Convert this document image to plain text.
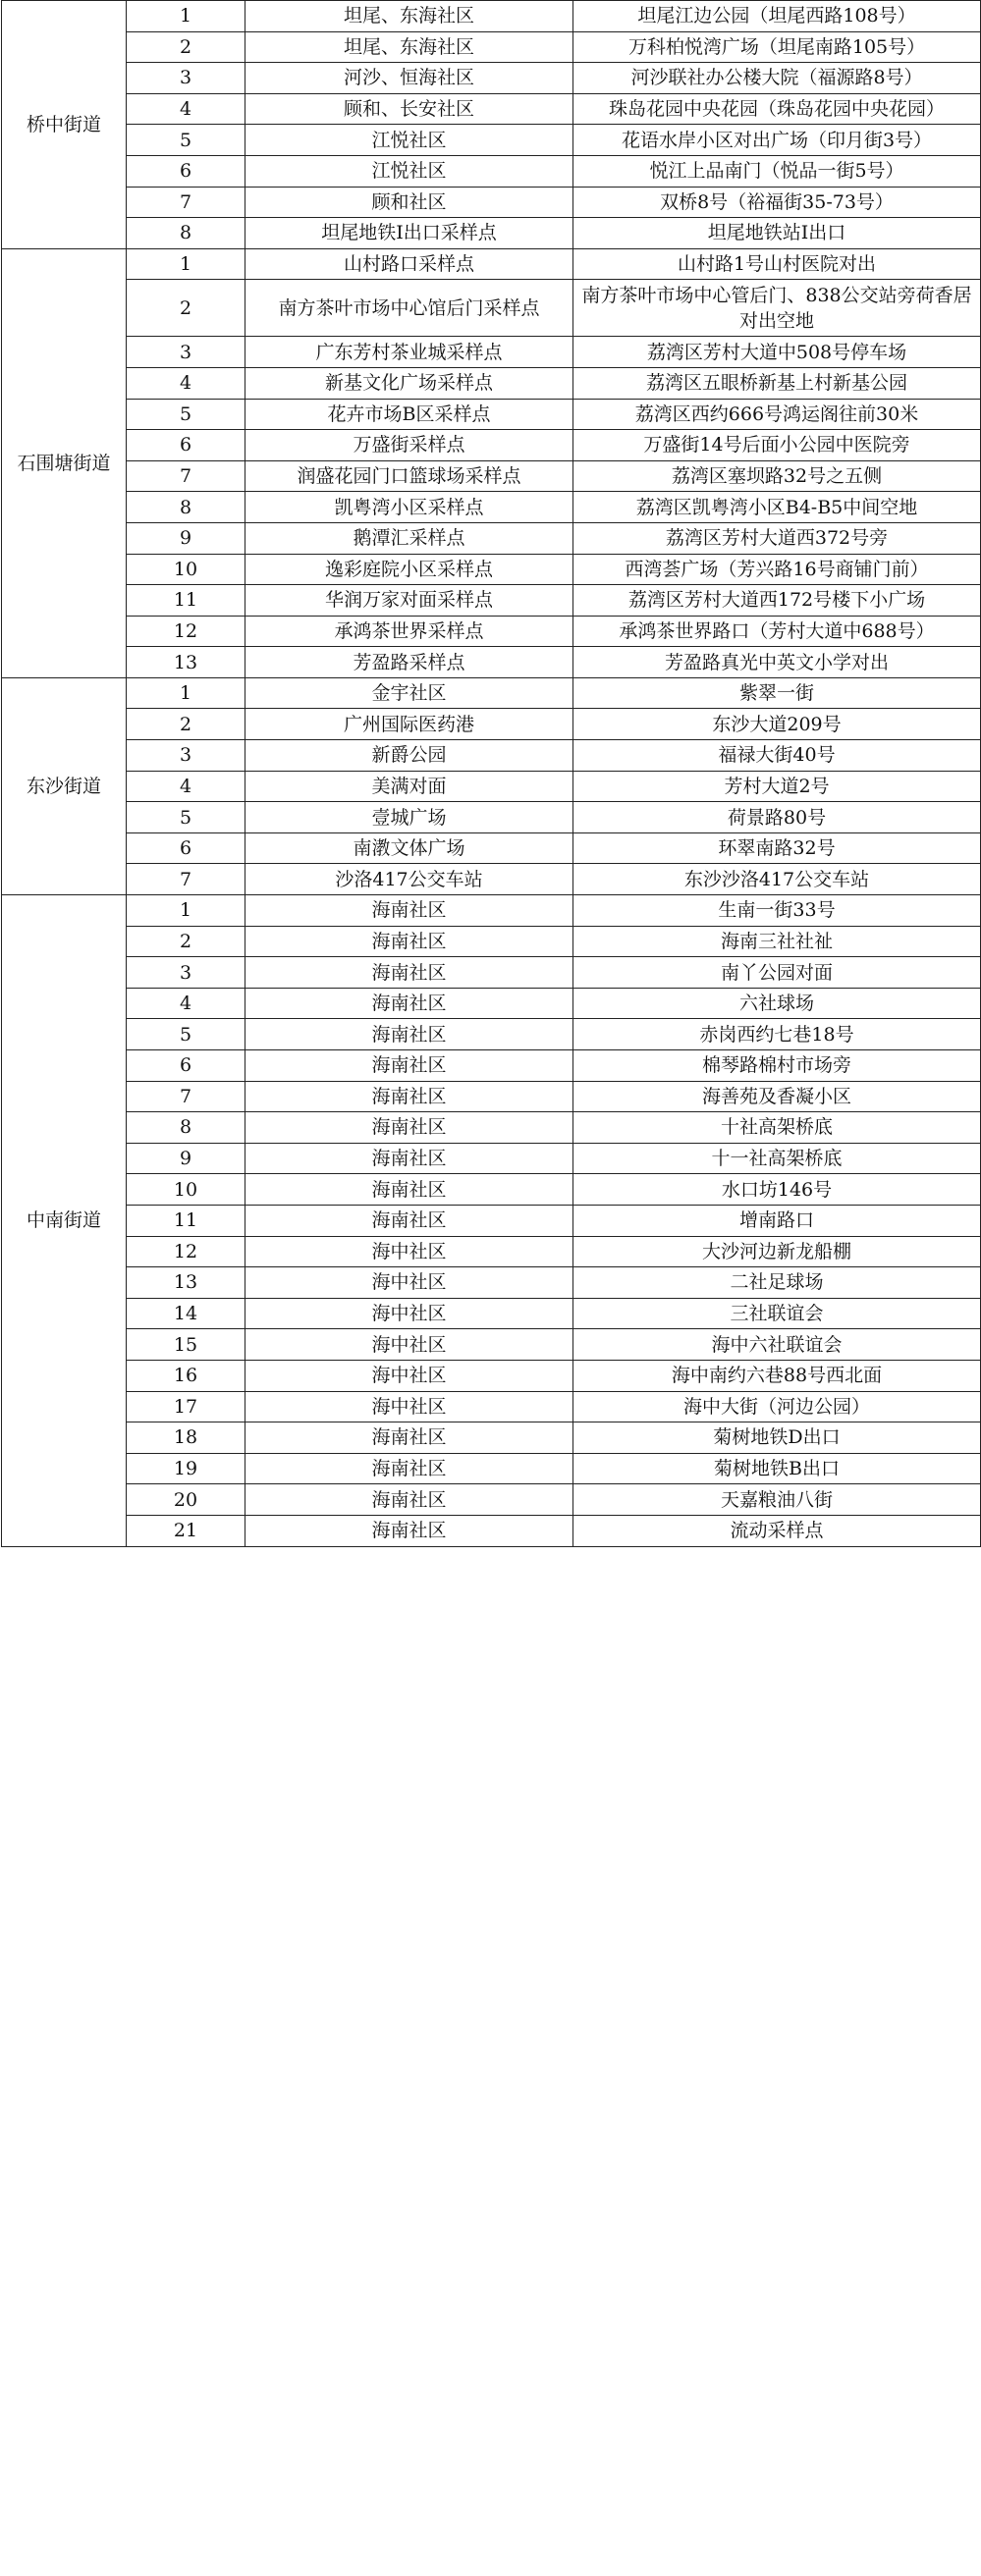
桥中街道	1	坦尾、东海社区	坦尾江边公园（坦尾西路108号）
	2	坦尾、东海社区	万科柏悦湾广场（坦尾南路105号）
	3	河沙、恒海社区	河沙联社办公楼大院（福源路8号）
	4	顾和、长安社区	珠岛花园中央花园（珠岛花园中央花园）
	5	江悦社区	花语水岸小区对出广场（印月街3号）
	6	江悦社区	悦江上品南门（悦品一街5号）
	7	顾和社区	双桥8号（裕福街35-73号）
	8	坦尾地铁I出口采样点	坦尾地铁站I出口
石围塘街道	1	山村路口采样点	山村路1号山村医院对出
	2	南方茶叶市场中心馆后门采样点	南方茶叶市场中心管后门、838公交站旁荷香居对出空地
	3	广东芳村茶业城采样点	荔湾区芳村大道中508号停车场
	4	新基文化广场采样点	荔湾区五眼桥新基上村新基公园
	5	花卉市场B区采样点	荔湾区西约666号鸿运阁往前30米
	6	万盛街采样点	万盛街14号后面小公园中医院旁
	7	润盛花园门口篮球场采样点	荔湾区塞坝路32号之五侧
	8	凯粤湾小区采样点	荔湾区凯粤湾小区B4-B5中间空地
	9	鹅潭汇采样点	荔湾区芳村大道西372号旁
	10	逸彩庭院小区采样点	西湾荟广场（芳兴路16号商铺门前）
	11	华润万家对面采样点	荔湾区芳村大道西172号楼下小广场
	12	承鸿茶世界采样点	承鸿茶世界路口（芳村大道中688号）
	13	芳盈路采样点	芳盈路真光中英文小学对出
东沙街道	1	金宇社区	紫翠一街
	2	广州国际医药港	东沙大道209号
	3	新爵公园	福禄大街40号
	4	美满对面	芳村大道2号
	5	壹城广场	荷景路80号
	6	南漖文体广场	环翠南路32号
	7	沙洛417公交车站	东沙沙洛417公交车站
中南街道	1	海南社区	生南一街33号
	2	海南社区	海南三社社祉
	3	海南社区	南丫公园对面
	4	海南社区	六社球场
	5	海南社区	赤岗西约七巷18号
	6	海南社区	棉琴路棉村市场旁
	7	海南社区	海善苑及香凝小区
	8	海南社区	十社高架桥底
	9	海南社区	十一社高架桥底
	10	海南社区	水口坊146号
	11	海南社区	增南路口
	12	海中社区	大沙河边新龙船棚
	13	海中社区	二社足球场
	14	海中社区	三社联谊会
	15	海中社区	海中六社联谊会
	16	海中社区	海中南约六巷88号西北面
	17	海中社区	海中大街（河边公园）
	18	海南社区	菊树地铁D出口
	19	海南社区	菊树地铁B出口
	20	海南社区	天嘉粮油八街
	21	海南社区	流动采样点
